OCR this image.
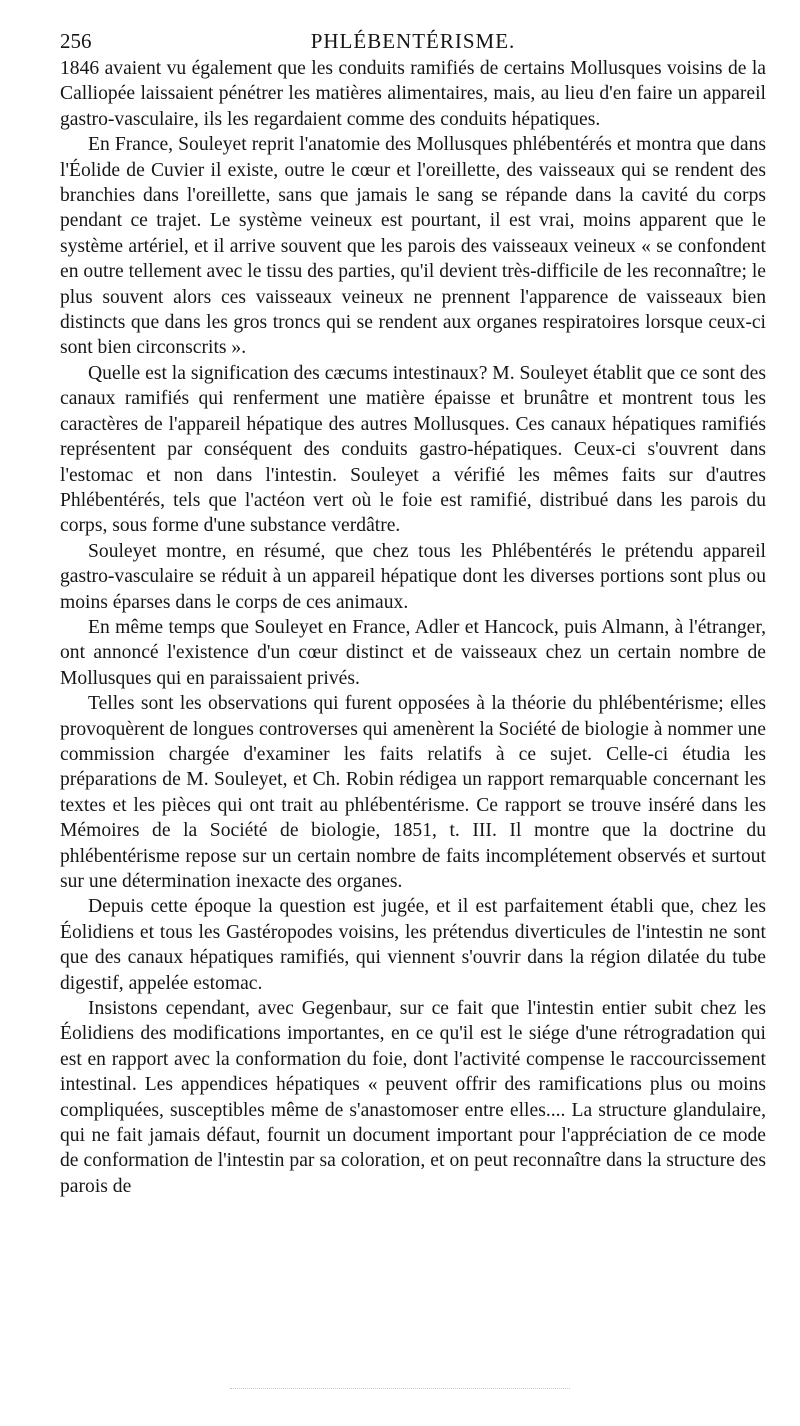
256	PHLÉBENTÉRISME.

1846 avaient vu également que les conduits ramifiés de certains Mollusques voisins de la Calliopée laissaient pénétrer les matières alimentaires, mais, au lieu d'en faire un appareil gastro-vasculaire, ils les regardaient comme des conduits hépatiques.

En France, Souleyet reprit l'anatomie des Mollusques phlébentérés et montra que dans l'Éolide de Cuvier il existe, outre le cœur et l'oreillette, des vaisseaux qui se rendent des branchies dans l'oreillette, sans que jamais le sang se répande dans la cavité du corps pendant ce trajet. Le système veineux est pourtant, il est vrai, moins apparent que le système artériel, et il arrive souvent que les parois des vaisseaux veineux « se confondent en outre tellement avec le tissu des parties, qu'il devient très-difficile de les reconnaître; le plus souvent alors ces vaisseaux veineux ne prennent l'apparence de vaisseaux bien distincts que dans les gros troncs qui se rendent aux organes respiratoires lorsque ceux-ci sont bien circonscrits ».

Quelle est la signification des cæcums intestinaux? M. Souleyet établit que ce sont des canaux ramifiés qui renferment une matière épaisse et brunâtre et montrent tous les caractères de l'appareil hépatique des autres Mollusques. Ces canaux hépatiques ramifiés représentent par conséquent des conduits gastro-hépatiques. Ceux-ci s'ouvrent dans l'estomac et non dans l'intestin. Souleyet a vérifié les mêmes faits sur d'autres Phlébentérés, tels que l'actéon vert où le foie est ramifié, distribué dans les parois du corps, sous forme d'une substance verdâtre.

Souleyet montre, en résumé, que chez tous les Phlébentérés le prétendu appareil gastro-vasculaire se réduit à un appareil hépatique dont les diverses portions sont plus ou moins éparses dans le corps de ces animaux.

En même temps que Souleyet en France, Adler et Hancock, puis Almann, à l'étranger, ont annoncé l'existence d'un cœur distinct et de vaisseaux chez un certain nombre de Mollusques qui en paraissaient privés.

Telles sont les observations qui furent opposées à la théorie du phlébentérisme; elles provoquèrent de longues controverses qui amenèrent la Société de biologie à nommer une commission chargée d'examiner les faits relatifs à ce sujet. Celle-ci étudia les préparations de M. Souleyet, et Ch. Robin rédigea un rapport remarquable concernant les textes et les pièces qui ont trait au phlébentérisme. Ce rapport se trouve inséré dans les Mémoires de la Société de biologie, 1851, t. III. Il montre que la doctrine du phlébentérisme repose sur un certain nombre de faits incomplétement observés et surtout sur une détermination inexacte des organes.

Depuis cette époque la question est jugée, et il est parfaitement établi que, chez les Éolidiens et tous les Gastéropodes voisins, les prétendus diverticules de l'intestin ne sont que des canaux hépatiques ramifiés, qui viennent s'ouvrir dans la région dilatée du tube digestif, appelée estomac.

Insistons cependant, avec Gegenbaur, sur ce fait que l'intestin entier subit chez les Éolidiens des modifications importantes, en ce qu'il est le siége d'une rétrogradation qui est en rapport avec la conformation du foie, dont l'activité compense le raccourcissement intestinal. Les appendices hépatiques « peuvent offrir des ramifications plus ou moins compliquées, susceptibles même de s'anastomoser entre elles.... La structure glandulaire, qui ne fait jamais défaut, fournit un document important pour l'appréciation de ce mode de conformation de l'intestin par sa coloration, et on peut reconnaître dans la structure des parois de
